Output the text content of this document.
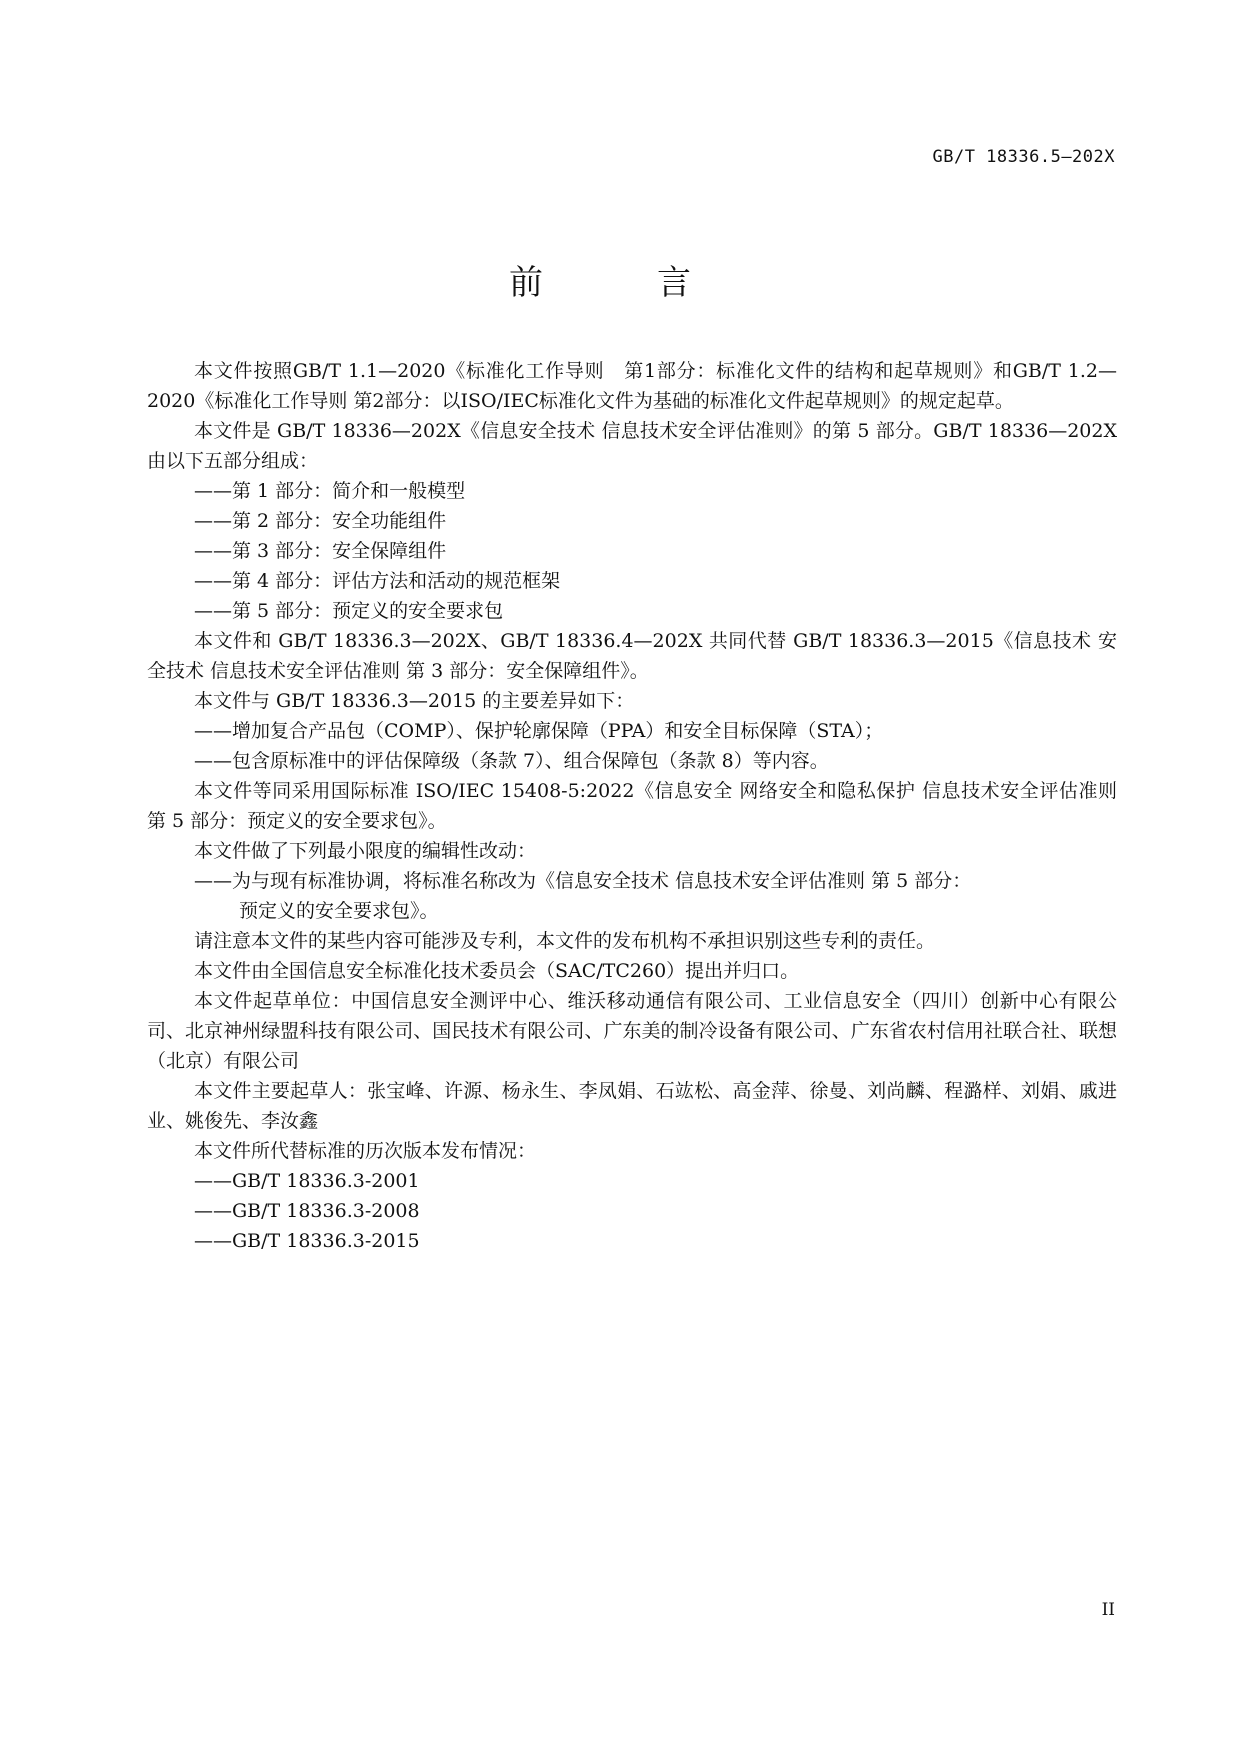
GB/T 18336.5—202X
前　言

本文件按照GB/T 1.1—2020《标准化工作导则　第1部分：标准化文件的结构和起草规则》和GB/T 1.2—2020《标准化工作导则 第2部分：以ISO/IEC标准化文件为基础的标准化文件起草规则》的规定起草。

本文件是 GB/T 18336—202X《信息安全技术 信息技术安全评估准则》的第 5 部分。GB/T 18336—202X 由以下五部分组成：

——第 1 部分：简介和一般模型

——第 2 部分：安全功能组件

——第 3 部分：安全保障组件

——第 4 部分：评估方法和活动的规范框架

——第 5 部分：预定义的安全要求包

本文件和 GB/T 18336.3—202X、GB/T 18336.4—202X 共同代替 GB/T 18336.3—2015《信息技术 安全技术 信息技术安全评估准则 第 3 部分：安全保障组件》。

本文件与 GB/T 18336.3—2015 的主要差异如下：

——增加复合产品包（COMP）、保护轮廓保障（PPA）和安全目标保障（STA）；

——包含原标准中的评估保障级（条款 7）、组合保障包（条款 8）等内容。

本文件等同采用国际标准 ISO/IEC 15408-5:2022《信息安全 网络安全和隐私保护 信息技术安全评估准则 第 5 部分：预定义的安全要求包》。

本文件做了下列最小限度的编辑性改动：

——为与现有标准协调，将标准名称改为《信息安全技术 信息技术安全评估准则 第 5 部分：
预定义的安全要求包》。

请注意本文件的某些内容可能涉及专利，本文件的发布机构不承担识别这些专利的责任。

本文件由全国信息安全标准化技术委员会（SAC/TC260）提出并归口。

本文件起草单位：中国信息安全测评中心、维沃移动通信有限公司、工业信息安全（四川）创新中心有限公司、北京神州绿盟科技有限公司、国民技术有限公司、广东美的制冷设备有限公司、广东省农村信用社联合社、联想（北京）有限公司

本文件主要起草人：张宝峰、许源、杨永生、李凤娟、石竑松、高金萍、徐曼、刘尚麟、程潞样、刘娟、戚进业、姚俊先、李汝鑫

本文件所代替标准的历次版本发布情况：

——GB/T 18336.3-2001

——GB/T 18336.3-2008

——GB/T 18336.3-2015

II
